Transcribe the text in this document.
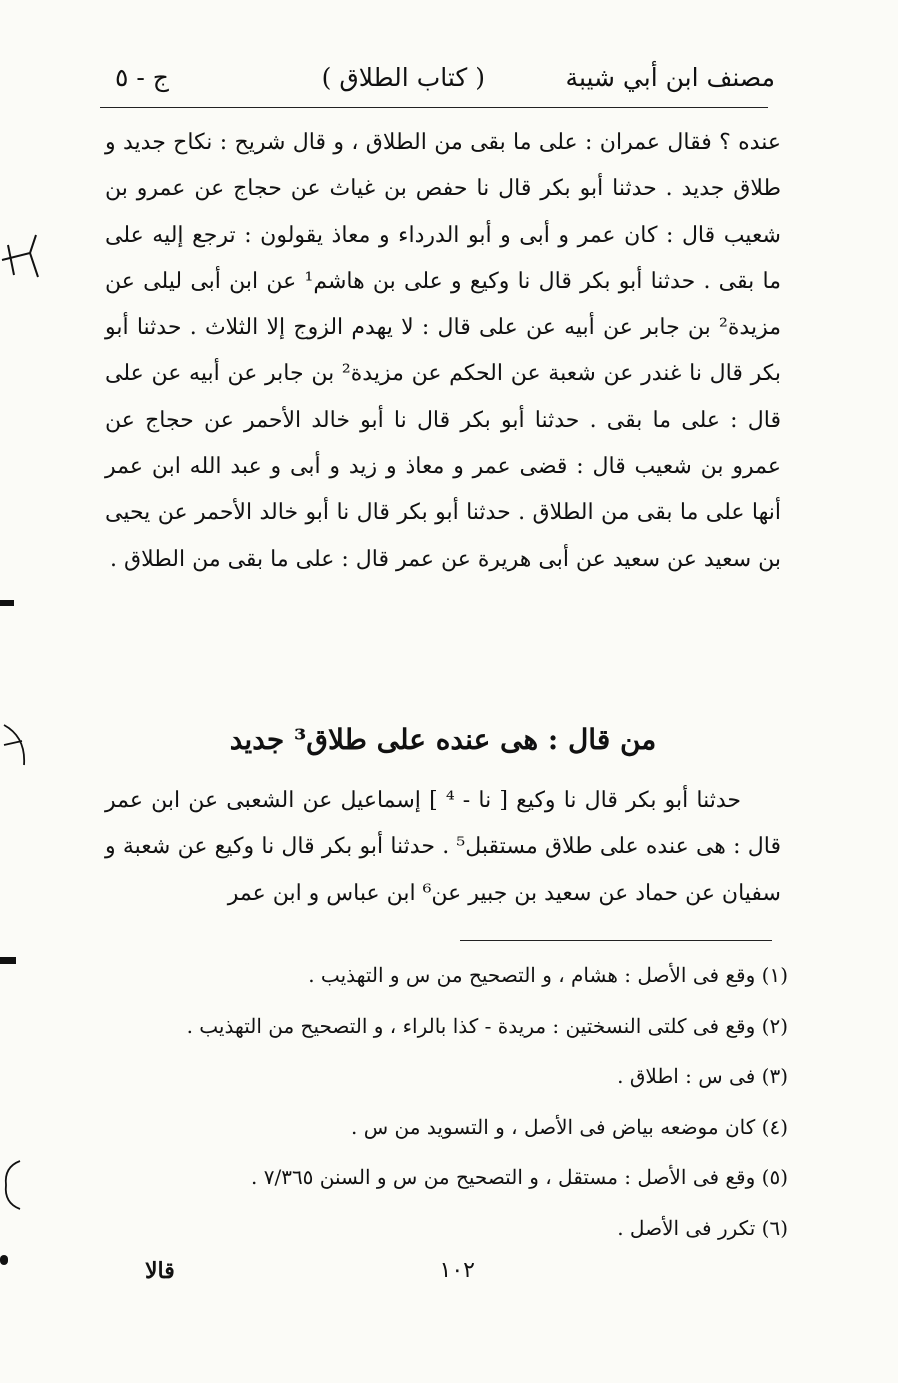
مصنف ابن أبي شيبة
( كتاب الطلاق )
ج - ٥
عنده ؟ فقال عمران : على ما بقى من الطلاق ، و قال شريح : نكاح جديد و طلاق جديد . حدثنا أبو بكر قال نا حفص بن غياث عن حجاج عن عمرو بن شعيب قال : كان عمر و أبى و أبو الدرداء و معاذ يقولون : ترجع إليه على ما بقى . حدثنا أبو بكر قال نا وكيع و على بن هاشم¹ عن ابن أبى ليلى عن مزيدة² بن جابر عن أبيه عن على قال : لا يهدم الزوج إلا الثلاث . حدثنا أبو بكر قال نا غندر عن شعبة عن الحكم عن مزيدة² بن جابر عن أبيه عن على قال : على ما بقى . حدثنا أبو بكر قال نا أبو خالد الأحمر عن حجاج عن عمرو بن شعيب قال : قضى عمر و معاذ و زيد و أبى و عبد الله ابن عمر أنها على ما بقى من الطلاق . حدثنا أبو بكر قال نا أبو خالد الأحمر عن يحيى بن سعيد عن سعيد عن أبى هريرة عن عمر قال : على ما بقى من الطلاق .
من قال : هى عنده على طلاق³ جديد
حدثنا أبو بكر قال نا وكيع [ نا - ⁴ ] إسماعيل عن الشعبى عن ابن عمر قال : هى عنده على طلاق مستقبل⁵ . حدثنا أبو بكر قال نا وكيع عن شعبة و سفيان عن حماد عن سعيد بن جبير عن⁶ ابن عباس و ابن عمر
(١) وقع فى الأصل : هشام ، و التصحيح من س و التهذيب .
(٢) وقع فى كلتى النسختين : مريدة - كذا بالراء ، و التصحيح من التهذيب .
(٣) فى س : اطلاق .
(٤) كان موضعه بياض فى الأصل ، و التسويد من س .
(٥) وقع فى الأصل : مستقل ، و التصحيح من س و السنن ٧/٣٦٥ .
(٦) تكرر فى الأصل .
١٠٢
قالا
